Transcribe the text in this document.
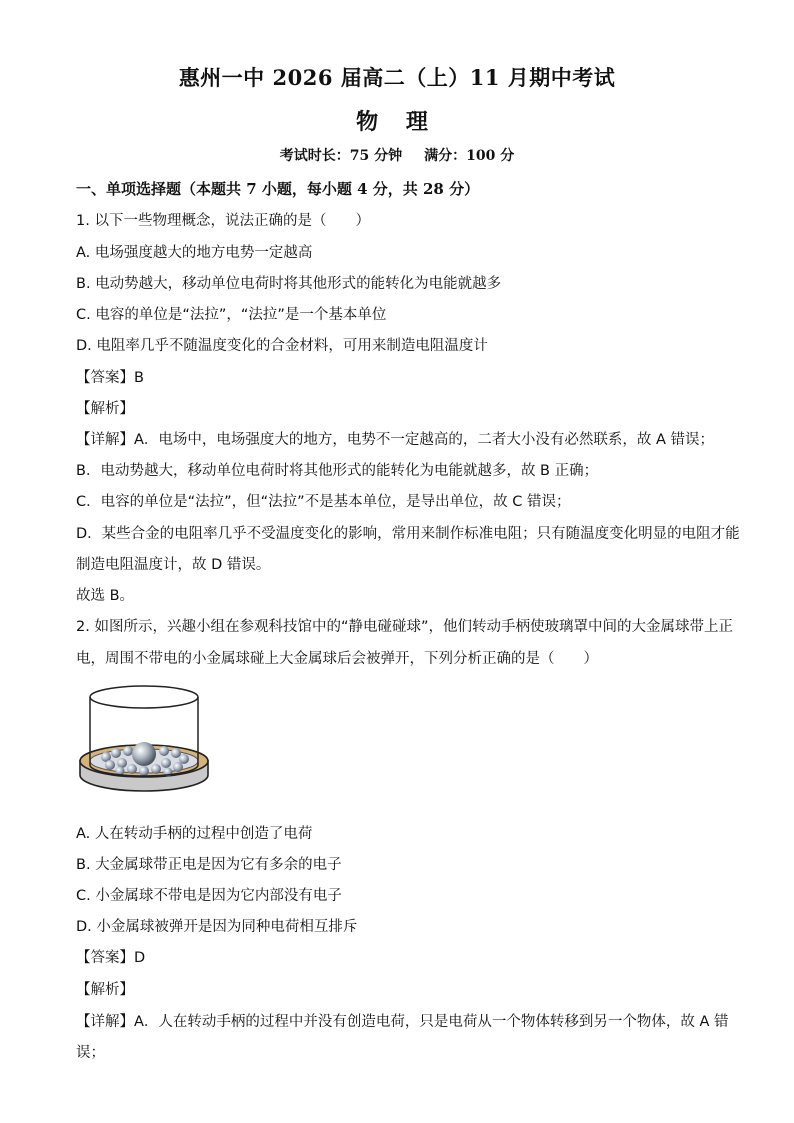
惠州一中 2026 届高二（上）11 月期中考试
物 理
考试时长：75 分钟 满分：100 分
一、单项选择题（本题共 7 小题，每小题 4 分，共 28 分）
1. 以下一些物理概念，说法正确的是（　　）
A. 电场强度越大的地方电势一定越高
B. 电动势越大，移动单位电荷时将其他形式的能转化为电能就越多
C. 电容的单位是“法拉”，“法拉”是一个基本单位
D. 电阻率几乎不随温度变化的合金材料，可用来制造电阻温度计
【答案】B
【解析】
【详解】A．电场中，电场强度大的地方，电势不一定越高的，二者大小没有必然联系，故 A 错误；
B．电动势越大，移动单位电荷时将其他形式的能转化为电能就越多，故 B 正确；
C．电容的单位是“法拉”，但“法拉”不是基本单位，是导出单位，故 C 错误；
D．某些合金的电阻率几乎不受温度变化的影响，常用来制作标准电阻；只有随温度变化明显的电阻才能
制造电阻温度计，故 D 错误。
故选 B。
2. 如图所示，兴趣小组在参观科技馆中的“静电碰碰球”，他们转动手柄使玻璃罩中间的大金属球带上正
电，周围不带电的小金属球碰上大金属球后会被弹开，下列分析正确的是（　　）
A. 人在转动手柄的过程中创造了电荷
B. 大金属球带正电是因为它有多余的电子
C. 小金属球不带电是因为它内部没有电子
D. 小金属球被弹开是因为同种电荷相互排斥
【答案】D
【解析】
【详解】A．人在转动手柄的过程中并没有创造电荷，只是电荷从一个物体转移到另一个物体，故 A 错
误；
